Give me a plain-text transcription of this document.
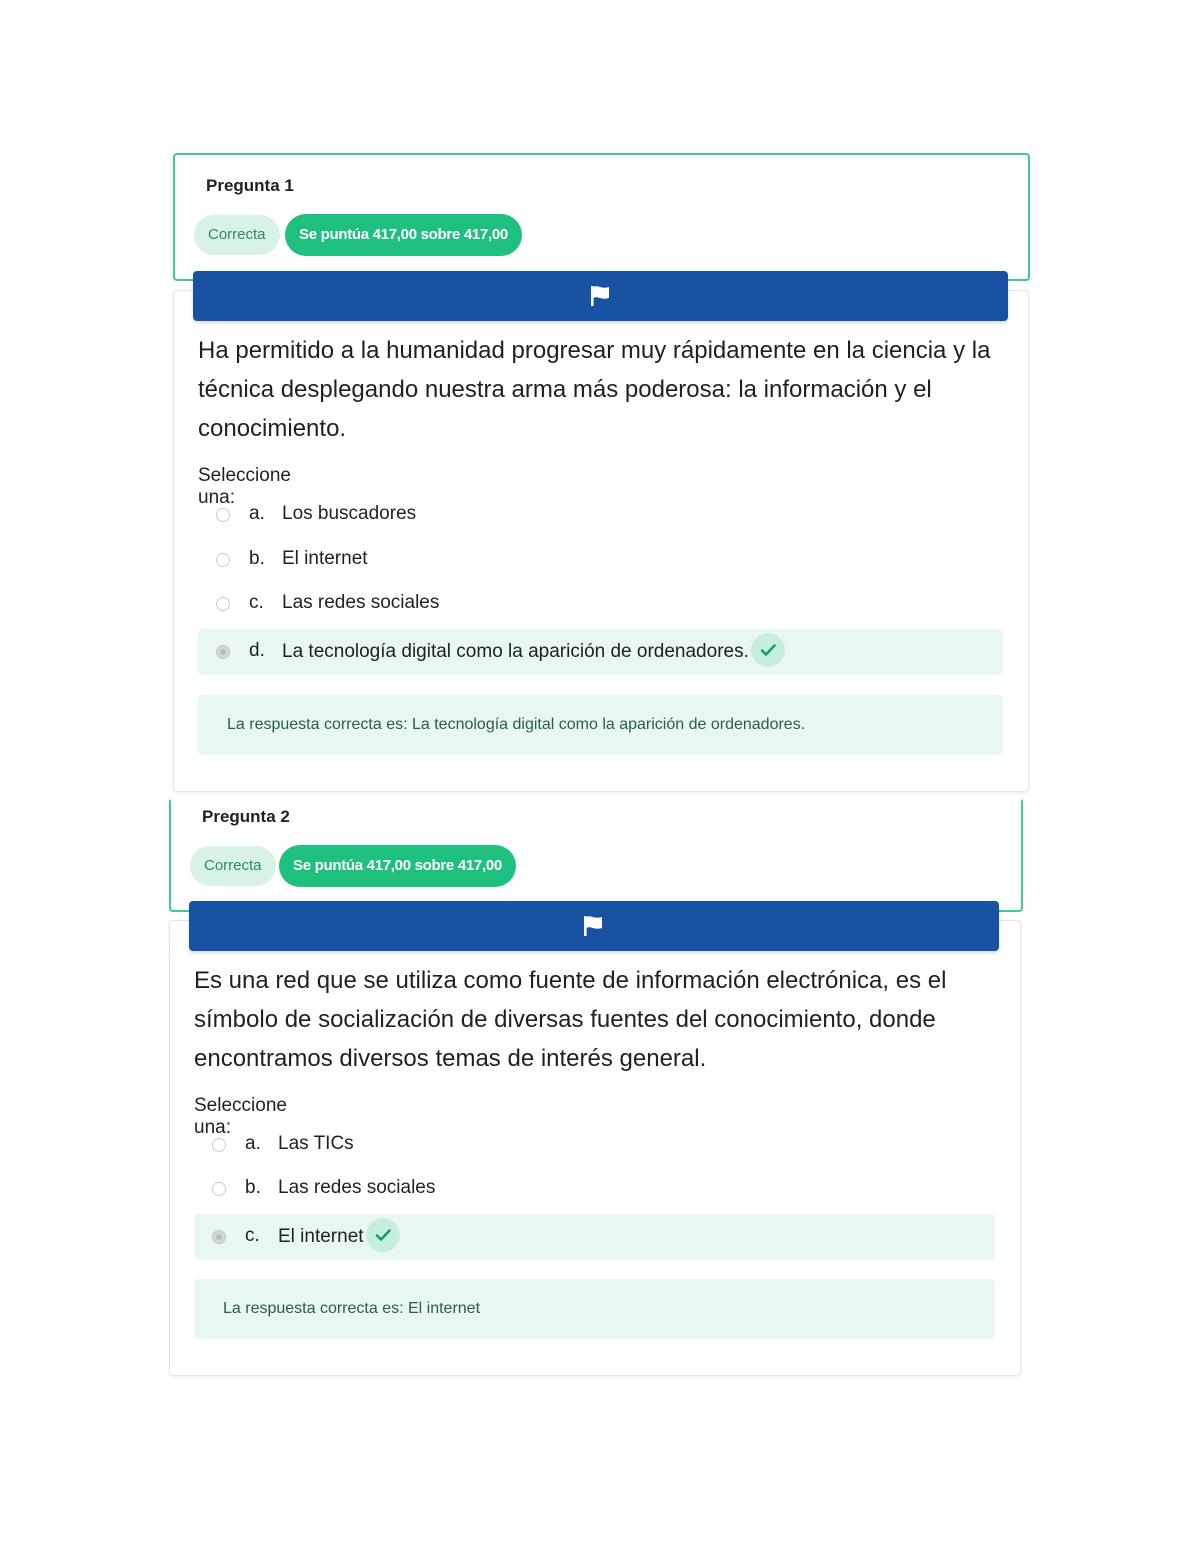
Pregunta 1
Correcta	Se puntúa 417,00 sobre 417,00
Ha permitido a la humanidad progresar muy rápidamente en la ciencia y la técnica desplegando nuestra arma más poderosa: la información y el conocimiento.
Seleccione una:
a. Los buscadores
b. El internet
c. Las redes sociales
d. La tecnología digital como la aparición de ordenadores.
La respuesta correcta es: La tecnología digital como la aparición de ordenadores.
Pregunta 2
Correcta	Se puntúa 417,00 sobre 417,00
Es una red que se utiliza como fuente de información electrónica, es el símbolo de socialización de diversas fuentes del conocimiento, donde encontramos diversos temas de interés general.
Seleccione una:
a. Las TICs
b. Las redes sociales
c. El internet
La respuesta correcta es: El internet
